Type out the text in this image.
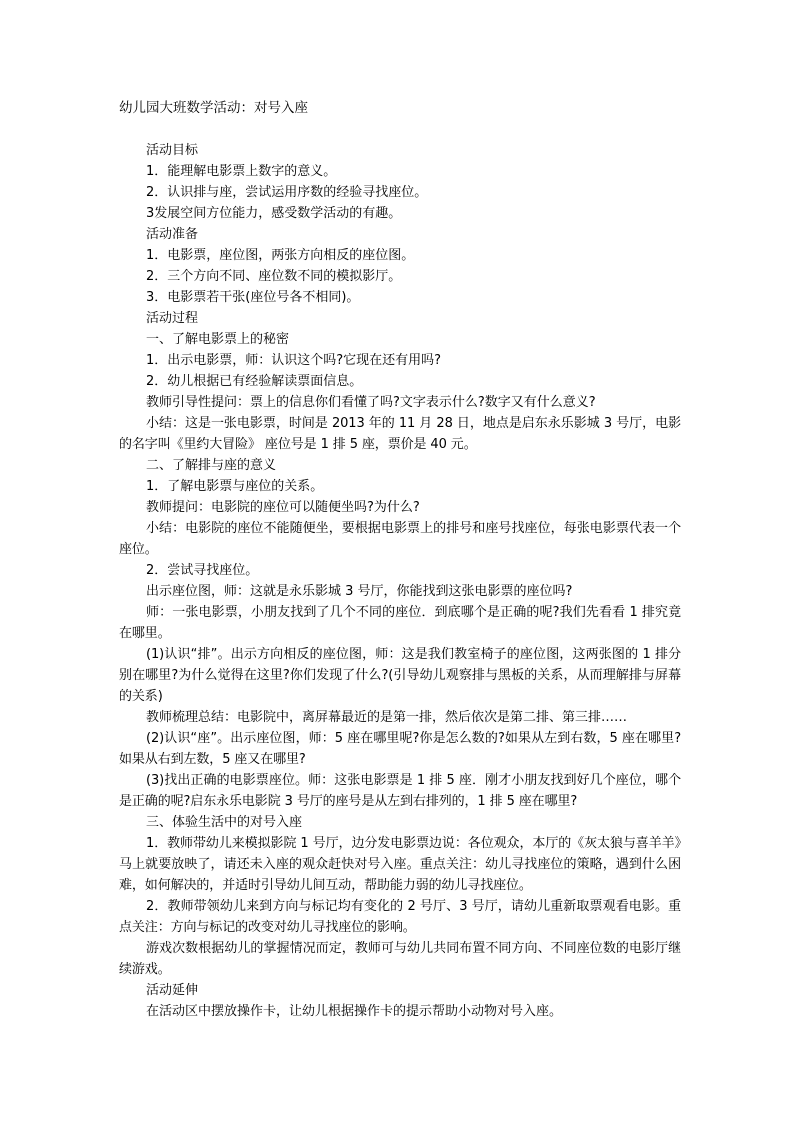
幼儿园大班数学活动：对号入座

活动目标

1．能理解电影票上数字的意义。

2．认识排与座，尝试运用序数的经验寻找座位。

3发展空间方位能力，感受数学活动的有趣。

活动准备

1．电影票，座位图，两张方向相反的座位图。

2．三个方向不同、座位数不同的模拟影厅。

3．电影票若干张(座位号各不相同)。

活动过程

一、了解电影票上的秘密

1．出示电影票，师：认识这个吗?它现在还有用吗?

2．幼儿根据已有经验解读票面信息。

教师引导性提问：票上的信息你们看懂了吗?文字表示什么?数字又有什么意义?

小结：这是一张电影票，时间是 2013 年的 11 月 28 日，地点是启东永乐影城 3 号厅，电影的名字叫《里约大冒险》 座位号是 1 排 5 座，票价是 40 元。

二、了解排与座的意义

1．了解电影票与座位的关系。

教师提问：电影院的座位可以随便坐吗?为什么?

小结：电影院的座位不能随便坐，要根据电影票上的排号和座号找座位，每张电影票代表一个座位。

2．尝试寻找座位。

出示座位图，师：这就是永乐影城 3 号厅，你能找到这张电影票的座位吗?

师：一张电影票，小朋友找到了几个不同的座位．到底哪个是正确的呢?我们先看看 1 排究竟在哪里。

(1)认识“排”。出示方向相反的座位图，师：这是我们教室椅子的座位图，这两张图的 1 排分别在哪里?为什么觉得在这里?你们发现了什么?(引导幼儿观察排与黑板的关系，从而理解排与屏幕的关系)

教师梳理总结：电影院中，离屏幕最近的是第一排，然后依次是第二排、第三排……

(2)认识“座”。出示座位图，师：5 座在哪里呢?你是怎么数的?如果从左到右数，5 座在哪里?如果从右到左数，5 座又在哪里?

(3)找出正确的电影票座位。师：这张电影票是 1 排 5 座．刚才小朋友找到好几个座位，哪个是正确的呢?启东永乐电影院 3 号厅的座号是从左到右排列的，1 排 5 座在哪里?

三、体验生活中的对号入座

1．教师带幼儿来模拟影院 1 号厅，边分发电影票边说：各位观众，本厅的《灰太狼与喜羊羊》马上就要放映了，请还未入座的观众赶快对号入座。重点关注：幼儿寻找座位的策略，遇到什么困难，如何解决的，并适时引导幼儿间互动，帮助能力弱的幼儿寻找座位。

2．教师带领幼儿来到方向与标记均有变化的 2 号厅、3 号厅，请幼儿重新取票观看电影。重点关注：方向与标记的改变对幼儿寻找座位的影响。

游戏次数根据幼儿的掌握情况而定，教师可与幼儿共同布置不同方向、不同座位数的电影厅继续游戏。

活动延伸

在活动区中摆放操作卡，让幼儿根据操作卡的提示帮助小动物对号入座。
